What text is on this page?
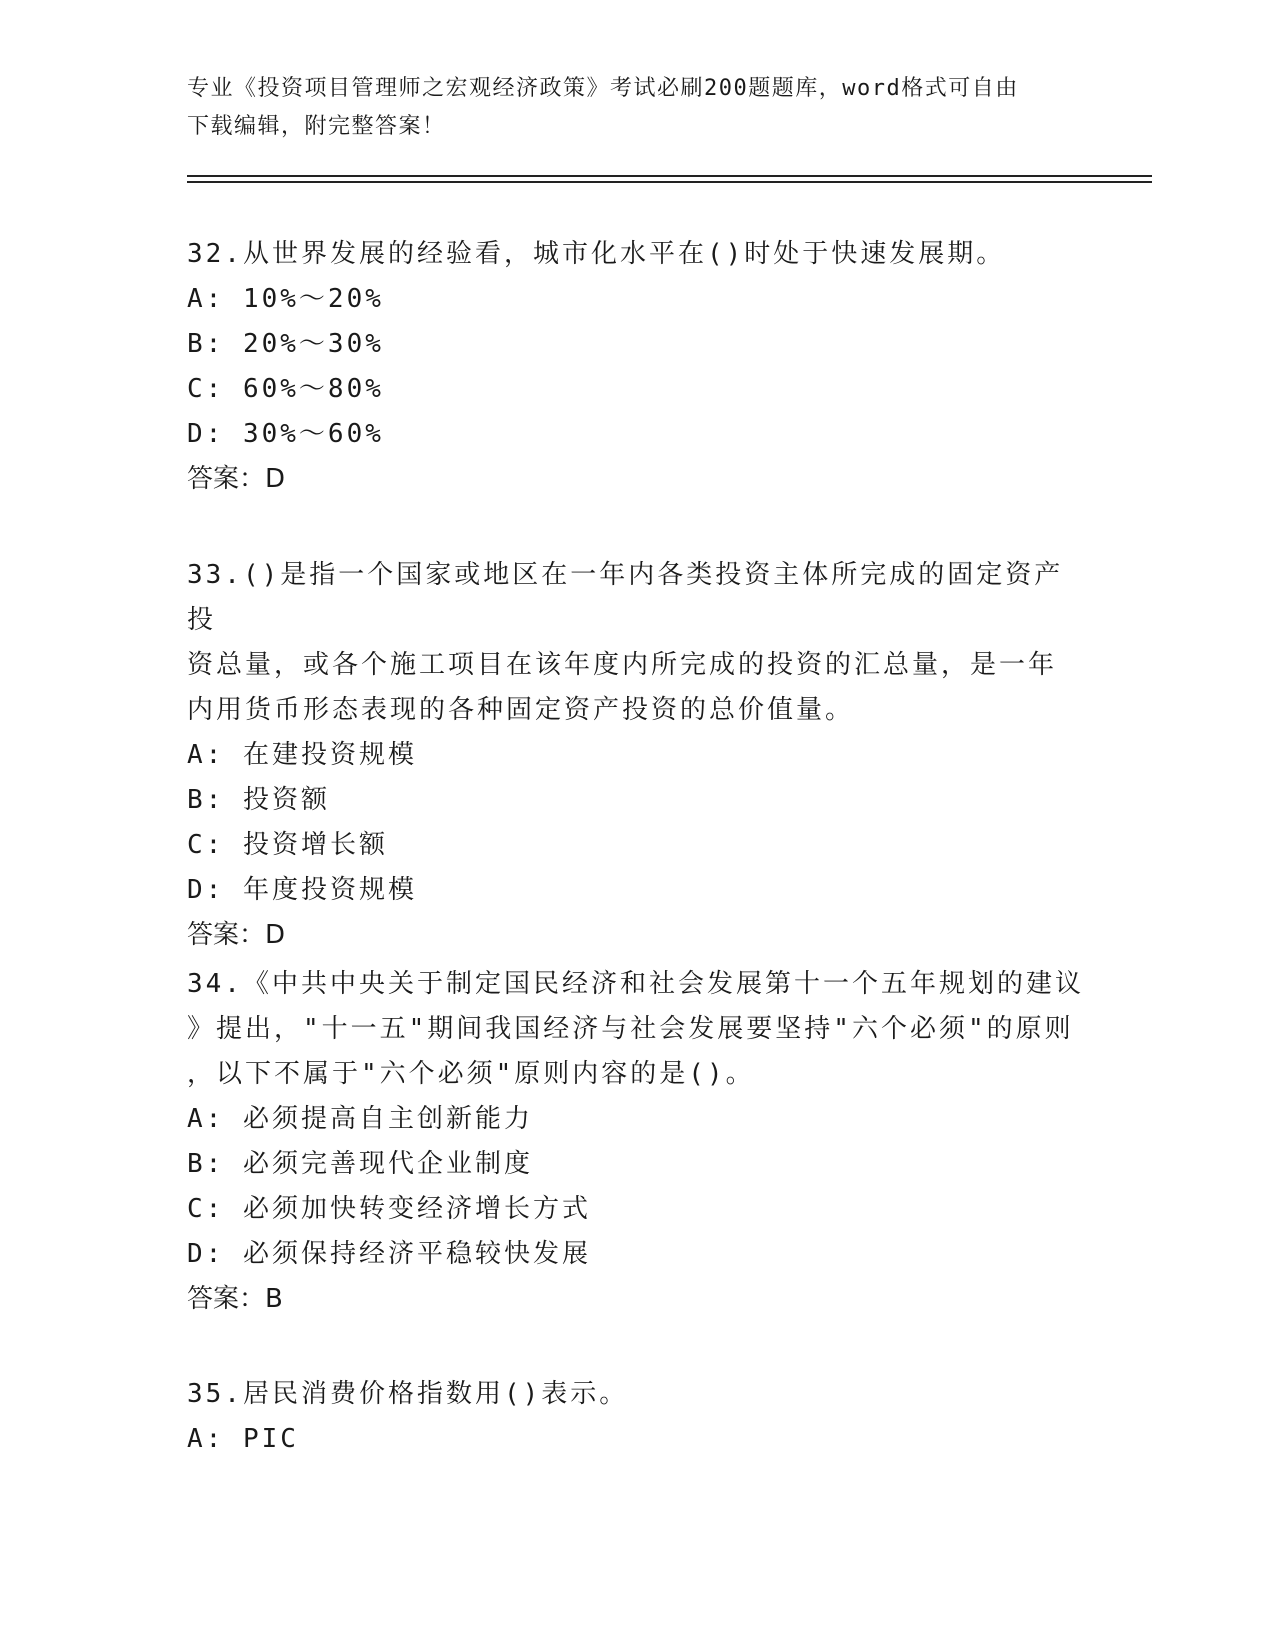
专业《投资项目管理师之宏观经济政策》考试必刷200题题库，word格式可自由
下载编辑，附完整答案！

32.从世界发展的经验看，城市化水平在()时处于快速发展期。

A: 10%～20%

B: 20%～30%

C: 60%～80%

D: 30%～60%

答案：D

33.()是指一个国家或地区在一年内各类投资主体所完成的固定资产投

资总量，或各个施工项目在该年度内所完成的投资的汇总量，是一年

内用货币形态表现的各种固定资产投资的总价值量。

A: 在建投资规模

B: 投资额

C: 投资增长额

D: 年度投资规模

答案：D

34.《中共中央关于制定国民经济和社会发展第十一个五年规划的建议

》提出，"十一五"期间我国经济与社会发展要坚持"六个必须"的原则

，以下不属于"六个必须"原则内容的是()。

A: 必须提高自主创新能力

B: 必须完善现代企业制度

C: 必须加快转变经济增长方式

D: 必须保持经济平稳较快发展

答案：B

35.居民消费价格指数用()表示。

A: PIC
